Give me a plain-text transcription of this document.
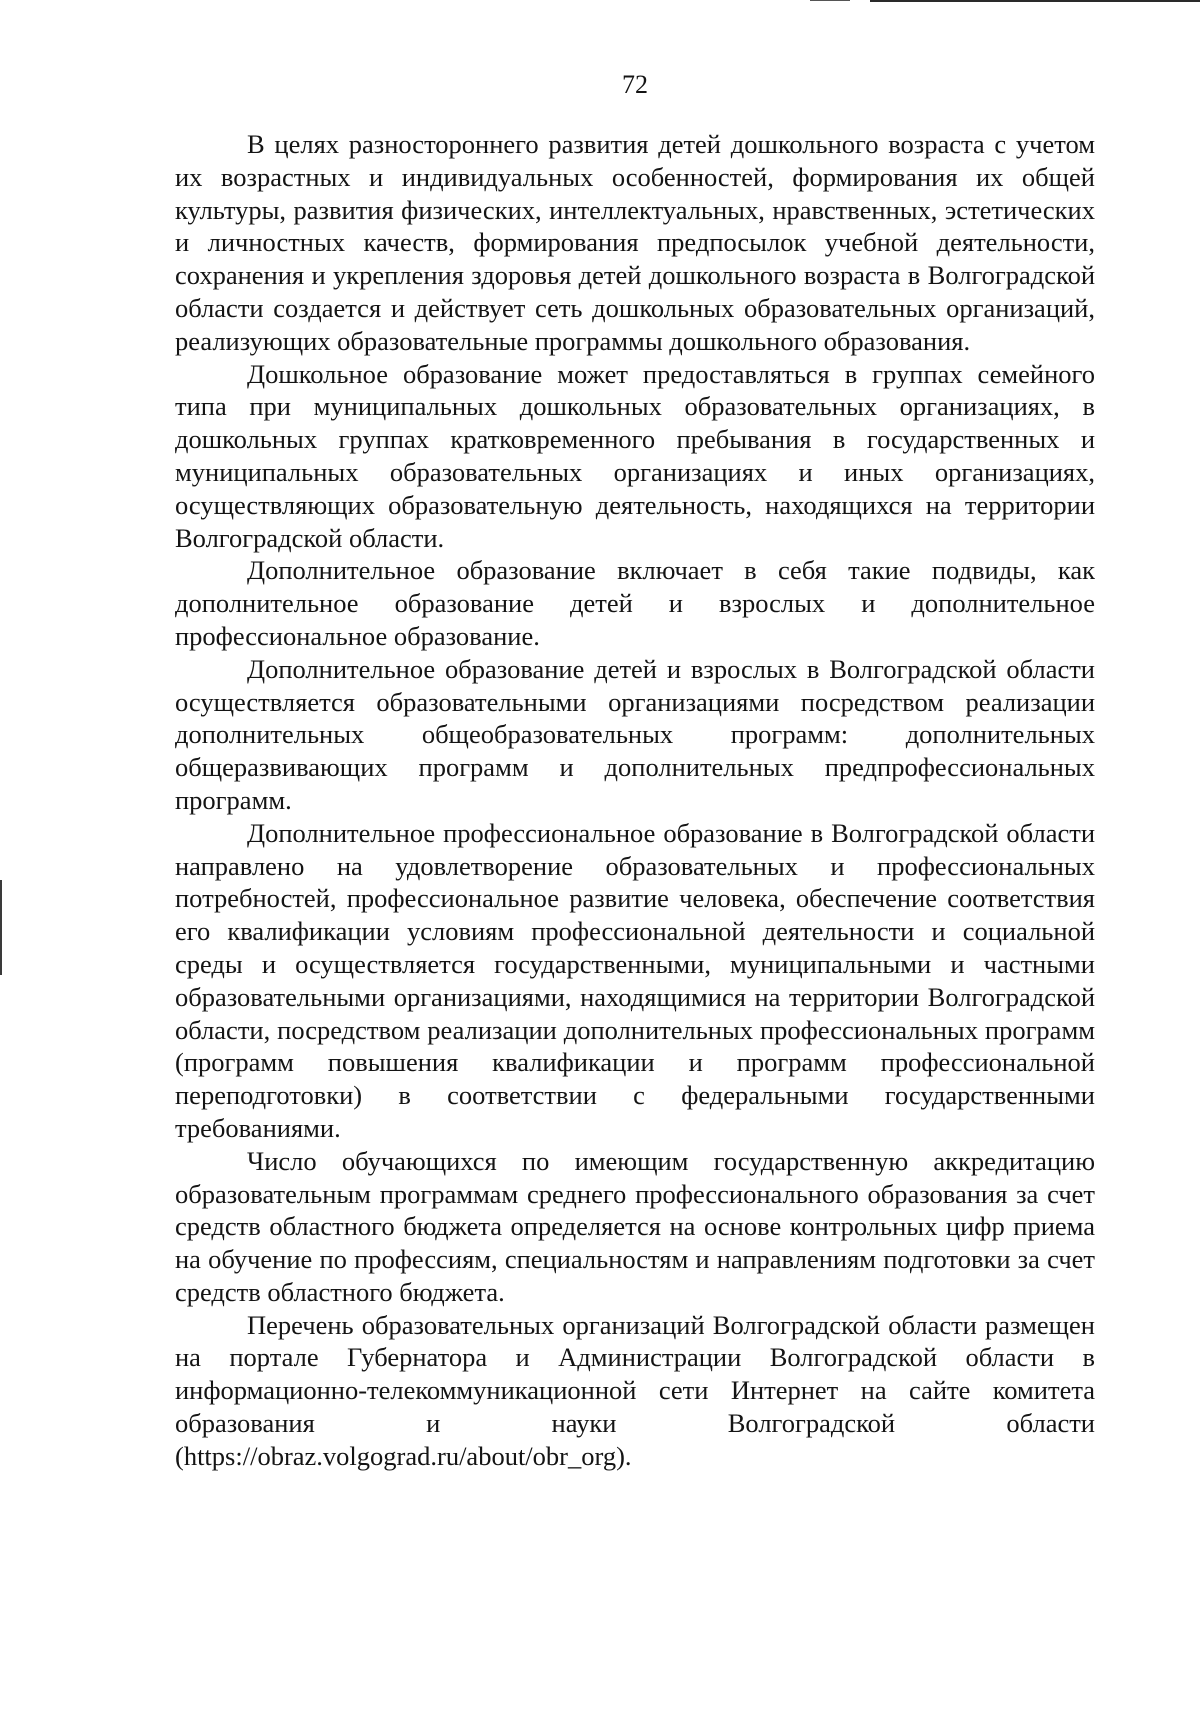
72

В целях разностороннего развития детей дошкольного возраста с учетом их возрастных и индивидуальных особенностей, формирования их общей культуры, развития физических, интеллектуальных, нравственных, эстетических и личностных качеств, формирования предпосылок учебной деятельности, сохранения и укрепления здоровья детей дошкольного возраста в Волгоградской области создается и действует сеть дошкольных образовательных организаций, реализующих образовательные программы дошкольного образования.

Дошкольное образование может предоставляться в группах семейного типа при муниципальных дошкольных образовательных организациях, в дошкольных группах кратковременного пребывания в государственных и муниципальных образовательных организациях и иных организациях, осуществляющих образовательную деятельность, находящихся на территории Волгоградской области.

Дополнительное образование включает в себя такие подвиды, как дополнительное образование детей и взрослых и дополнительное профессиональное образование.

Дополнительное образование детей и взрослых в Волгоградской области осуществляется образовательными организациями посредством реализации дополнительных общеобразовательных программ: дополнительных общеразвивающих программ и дополнительных предпрофессиональных программ.

Дополнительное профессиональное образование в Волгоградской области направлено на удовлетворение образовательных и профессиональных потребностей, профессиональное развитие человека, обеспечение соответствия его квалификации условиям профессиональной деятельности и социальной среды и осуществляется государственными, муниципальными и частными образовательными организациями, находящимися на территории Волгоградской области, посредством реализации дополнительных профессиональных программ (программ повышения квалификации и программ профессиональной переподготовки) в соответствии с федеральными государственными требованиями.

Число обучающихся по имеющим государственную аккредитацию образовательным программам среднего профессионального образования за счет средств областного бюджета определяется на основе контрольных цифр приема на обучение по профессиям, специальностям и направлениям подготовки за счет средств областного бюджета.

Перечень образовательных организаций Волгоградской области размещен на портале Губернатора и Администрации Волгоградской области в информационно-телекоммуникационной сети Интернет на сайте комитета образования и науки Волгоградской области (https://obraz.volgograd.ru/about/obr_org).
